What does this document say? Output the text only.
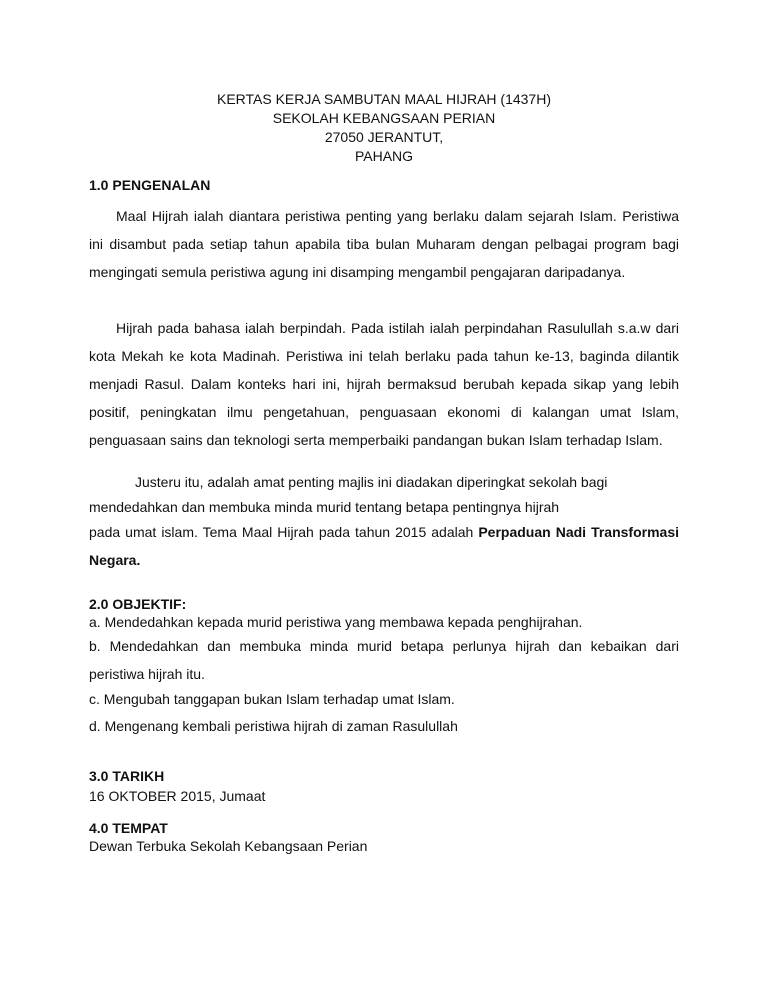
KERTAS KERJA SAMBUTAN MAAL HIJRAH (1437H)
SEKOLAH KEBANGSAAN PERIAN
27050 JERANTUT,
PAHANG
1.0 PENGENALAN
Maal Hijrah ialah diantara peristiwa penting yang berlaku dalam sejarah Islam. Peristiwa ini disambut pada setiap tahun apabila tiba bulan Muharam dengan pelbagai program bagi mengingati semula peristiwa agung ini disamping mengambil pengajaran daripadanya.
Hijrah pada bahasa ialah berpindah. Pada istilah ialah perpindahan Rasulullah s.a.w dari kota Mekah ke kota Madinah. Peristiwa ini telah berlaku pada tahun ke-13, baginda dilantik menjadi Rasul. Dalam konteks hari ini, hijrah bermaksud berubah kepada sikap yang lebih positif, peningkatan ilmu pengetahuan, penguasaan ekonomi di kalangan umat Islam, penguasaan sains dan teknologi serta memperbaiki pandangan bukan Islam terhadap Islam.
Justeru itu, adalah amat penting majlis ini diadakan diperingkat sekolah bagi
mendedahkan dan membuka minda murid tentang betapa pentingnya hijrah
pada umat islam. Tema Maal Hijrah pada tahun 2015 adalah Perpaduan Nadi Transformasi Negara.
2.0 OBJEKTIF:
a. Mendedahkan kepada murid peristiwa yang membawa kepada penghijrahan.
b. Mendedahkan dan membuka minda murid betapa perlunya hijrah dan kebaikan dari peristiwa hijrah itu.
c. Mengubah tanggapan bukan Islam terhadap umat Islam.
d. Mengenang kembali peristiwa hijrah di zaman Rasulullah
3.0 TARIKH
16 OKTOBER 2015, Jumaat
4.0 TEMPAT
Dewan Terbuka Sekolah Kebangsaan Perian
